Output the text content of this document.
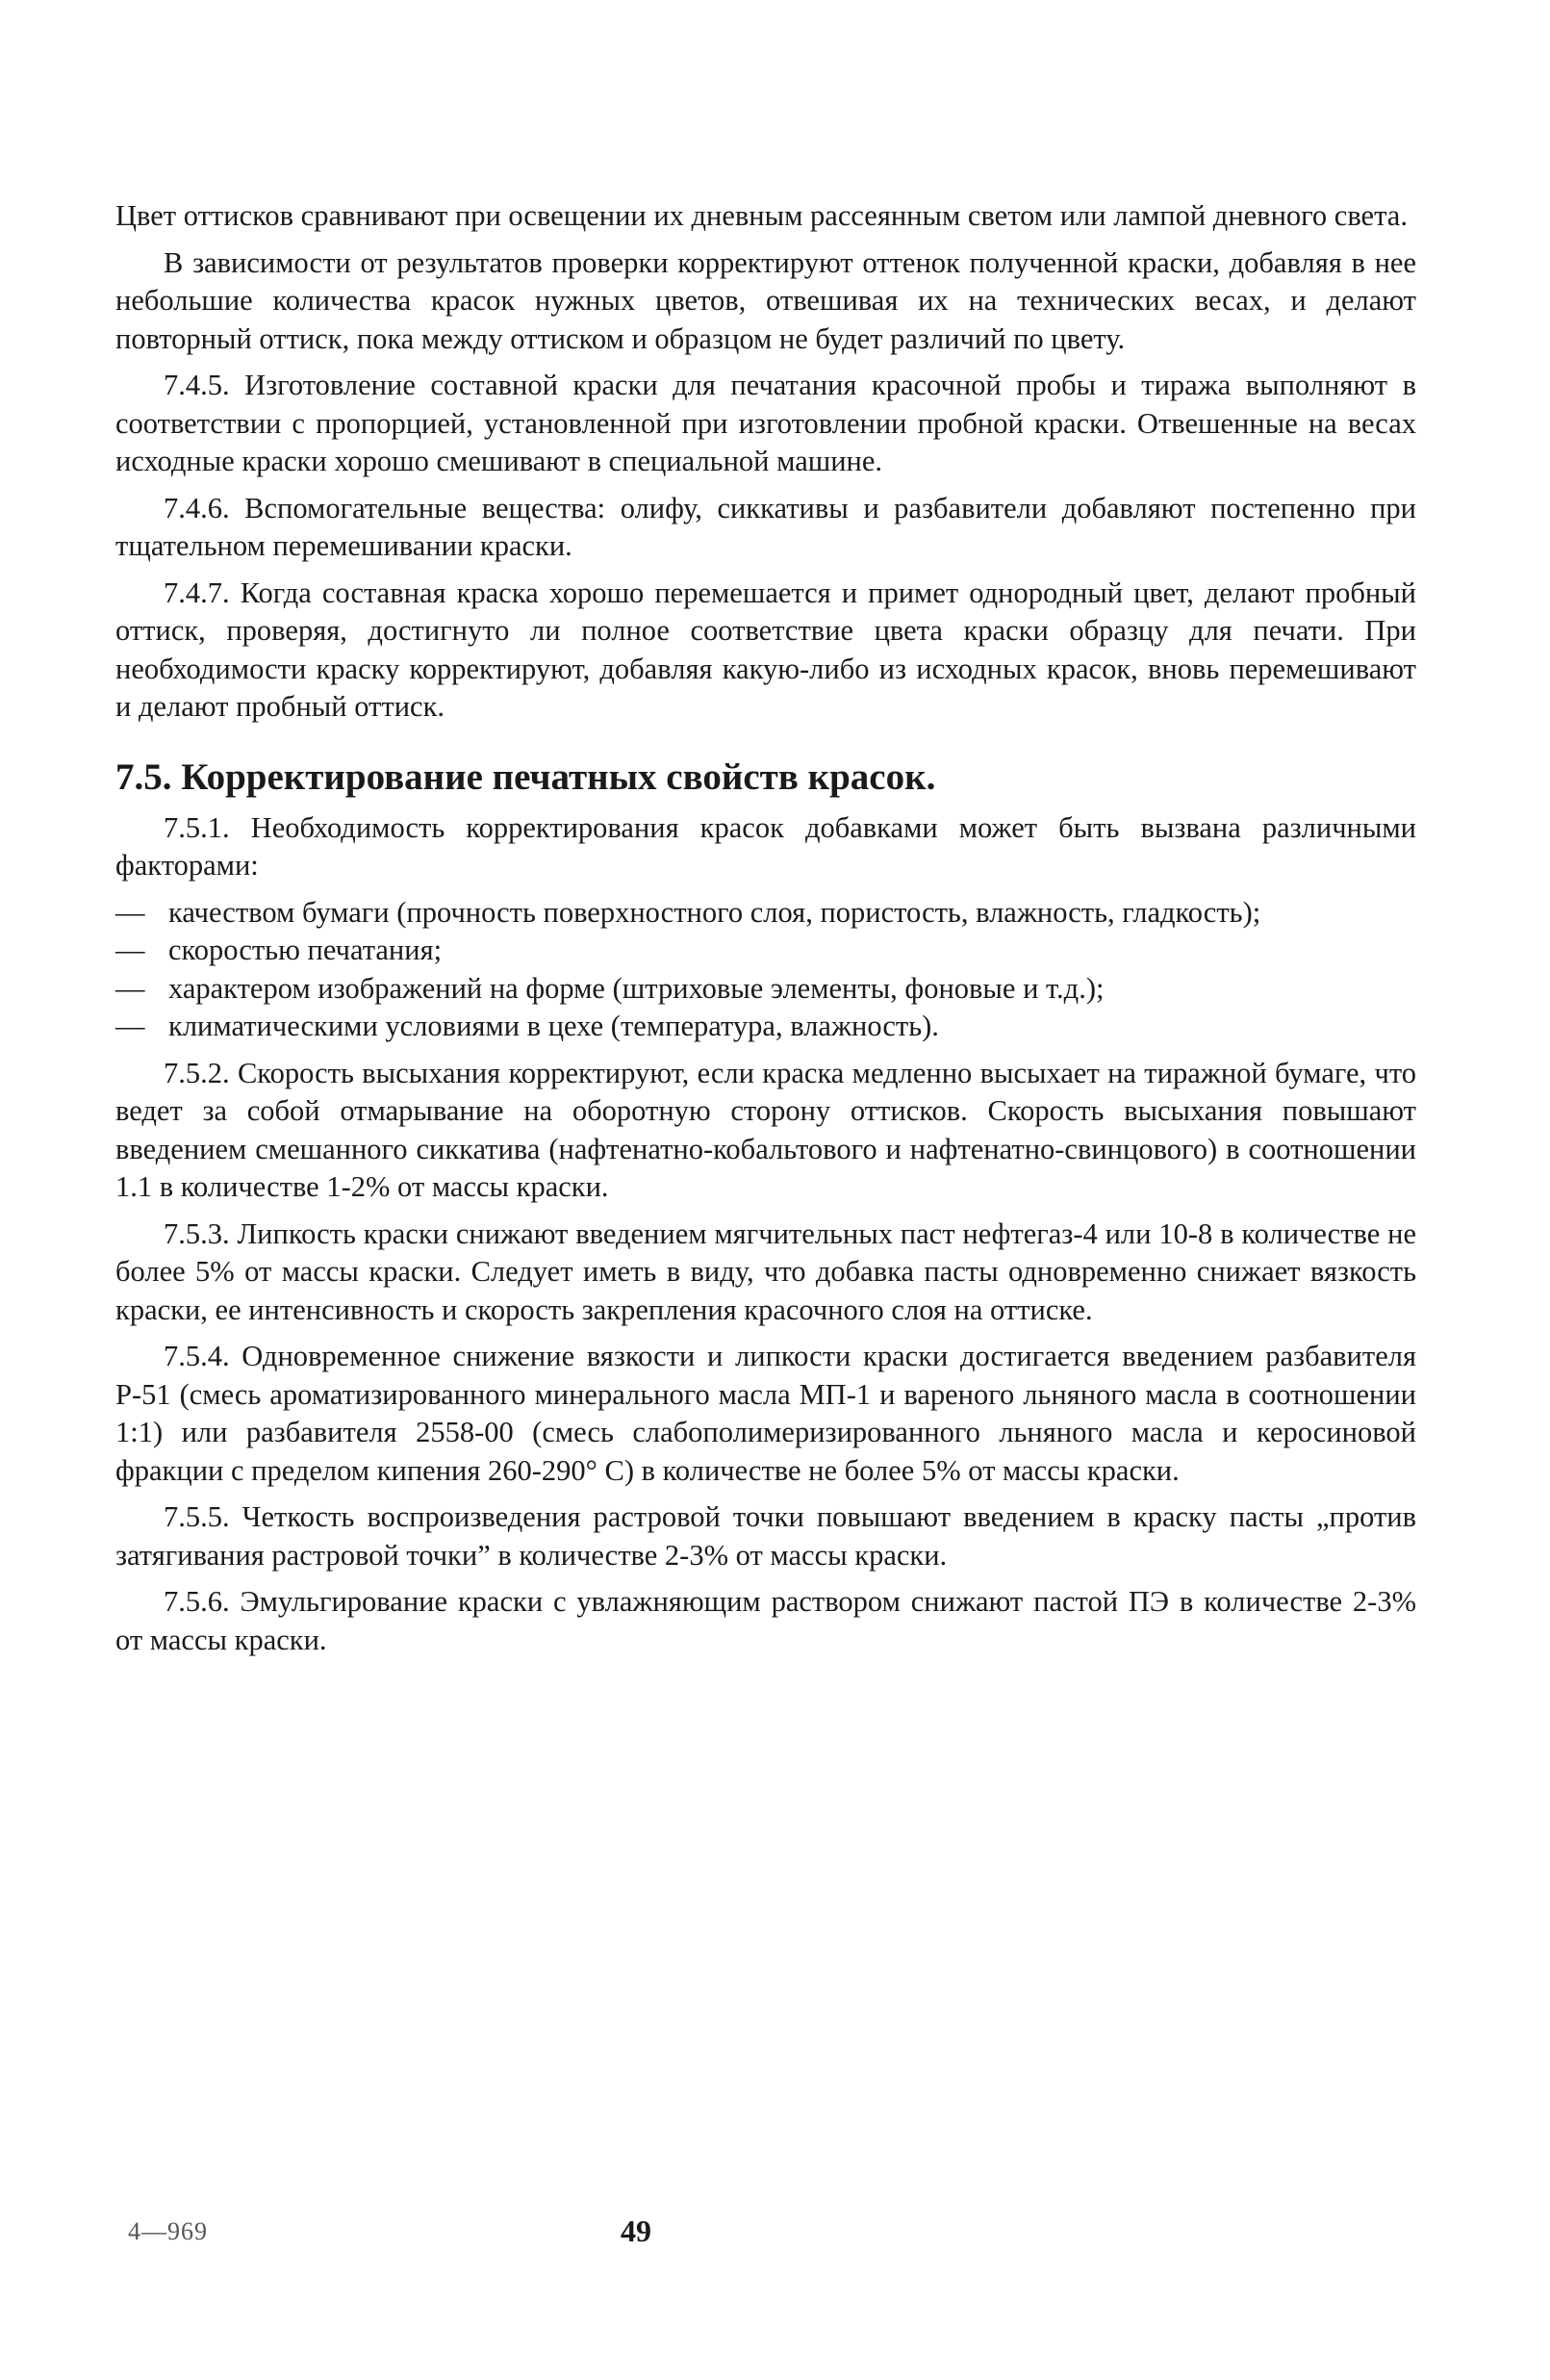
Цвет оттисков сравнивают при освещении их дневным рассеянным светом или лампой дневного света.

В зависимости от результатов проверки корректируют оттенок полученной краски, добавляя в нее небольшие количества красок нужных цветов, отвешивая их на технических весах, и делают повторный оттиск, пока между оттиском и образцом не будет различий по цвету.

7.4.5. Изготовление составной краски для печатания красочной пробы и тиража выполняют в соответствии с пропорцией, установленной при изготовлении пробной краски. Отвешенные на весах исходные краски хорошо смешивают в специальной машине.

7.4.6. Вспомогательные вещества: олифу, сиккативы и разбавители добавляют постепенно при тщательном перемешивании краски.

7.4.7. Когда составная краска хорошо перемешается и примет однородный цвет, делают пробный оттиск, проверяя, достигнуто ли полное соответствие цвета краски образцу для печати. При необходимости краску корректируют, добавляя какую-либо из исходных красок, вновь перемешивают и делают пробный оттиск.

7.5. Корректирование печатных свойств красок.

7.5.1. Необходимость корректирования красок добавками может быть вызвана различными факторами:

— качеством бумаги (прочность поверхностного слоя, пористость, влажность, гладкость);
— скоростью печатания;
— характером изображений на форме (штриховые элементы, фоновые и т.д.);
— климатическими условиями в цехе (температура, влажность).

7.5.2. Скорость высыхания корректируют, если краска медленно высыхает на тиражной бумаге, что ведет за собой отмарывание на оборотную сторону оттисков. Скорость высыхания повышают введением смешанного сиккатива (нафтенатно-кобальтового и нафтенатно-свинцового) в соотношении 1.1 в количестве 1-2% от массы краски.

7.5.3. Липкость краски снижают введением мягчительных паст нефтегаз-4 или 10-8 в количестве не более 5% от массы краски. Следует иметь в виду, что добавка пасты одновременно снижает вязкость краски, ее интенсивность и скорость закрепления красочного слоя на оттиске.

7.5.4. Одновременное снижение вязкости и липкости краски достигается введением разбавителя Р-51 (смесь ароматизированного минерального масла МП-1 и вареного льняного масла в соотношении 1:1) или разбавителя 2558-00 (смесь слабополимеризированного льняного масла и керосиновой фракции с пределом кипения 260-290° С) в количестве не более 5% от массы краски.

7.5.5. Четкость воспроизведения растровой точки повышают введением в краску пасты „против затягивания растровой точки” в количестве 2-3% от массы краски.

7.5.6. Эмульгирование краски с увлажняющим раствором снижают пастой ПЭ в количестве 2-3% от массы краски.

4—969	49
